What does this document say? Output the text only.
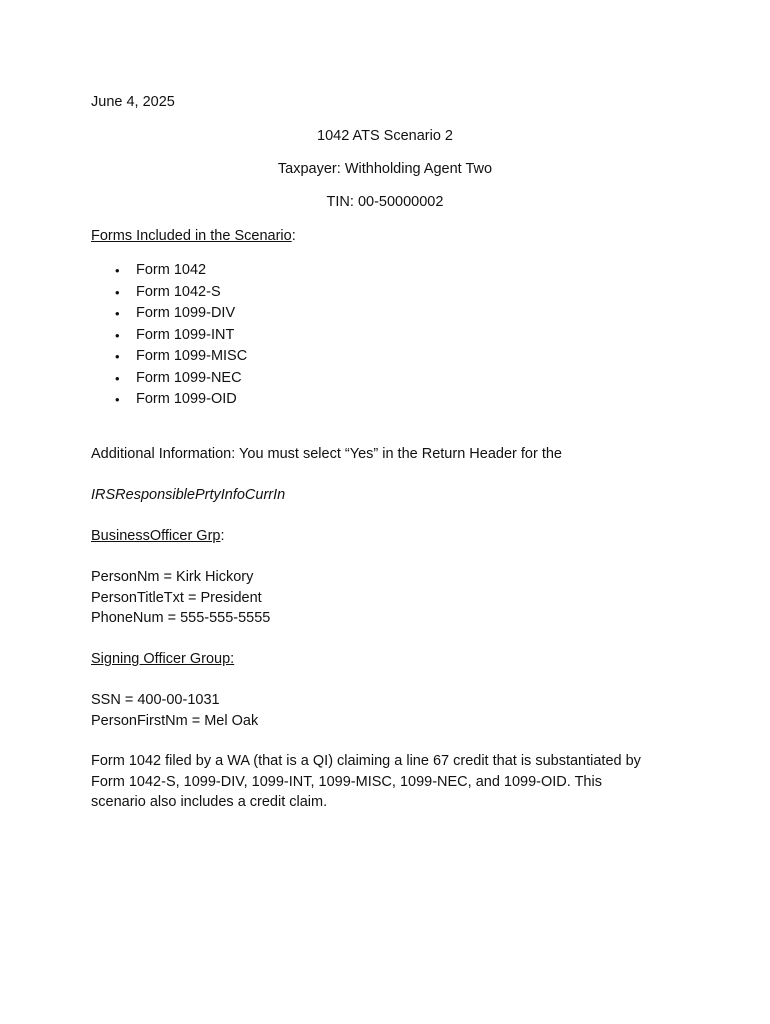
June 4, 2025
1042 ATS Scenario 2
Taxpayer: Withholding Agent Two
TIN: 00-50000002
Forms Included in the Scenario:
• Form 1042
• Form 1042-S
• Form 1099-DIV
• Form 1099-INT
• Form 1099-MISC
• Form 1099-NEC
• Form 1099-OID
Additional Information: You must select “Yes” in the Return Header for the
IRSResponsiblePrtyInfoCurrIn
BusinessOfficer Grp:
PersonNm = Kirk Hickory
PersonTitleTxt = President
PhoneNum = 555-555-5555
Signing Officer Group:
SSN = 400-00-1031
PersonFirstNm = Mel Oak
Form 1042 filed by a WA (that is a QI) claiming a line 67 credit that is substantiated by
Form 1042-S, 1099-DIV, 1099-INT, 1099-MISC, 1099-NEC, and 1099-OID. This
scenario also includes a credit claim.
